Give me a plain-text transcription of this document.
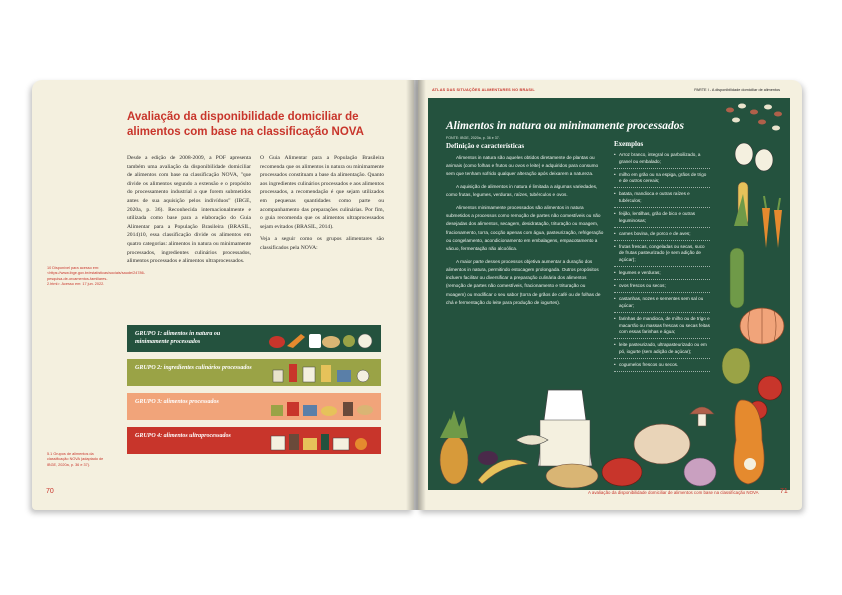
Avaliação da disponibilidade domiciliar de alimentos com base na classificação NOVA
10 Disponível para acesso em: <https://www.ibge.gov.br/estatisticas/sociais/saude/24786-pesquisa-de-orcamentos-familiares-2.html>. Acesso em: 17 jun. 2022.

Desde a edição de 2008-2009, a POF apresenta também uma avaliação da disponibilidade domiciliar de alimentos com base na classificação NOVA, "que divide os alimentos segundo a extensão e o propósito do processamento industrial a que forem submetidos antes de sua aquisição pelos indivíduos" (IBGE, 2020a, p. 36). Reconhecida internacionalmente e utilizada como base para a elaboração do Guia Alimentar para a População Brasileira (BRASIL, 2014)10, essa classificação divide os alimentos em quatro categorias: alimentos in natura ou minimamente processados, ingredientes culinários processados, alimentos processados e alimentos ultraprocessados.

O Guia Alimentar para a População Brasileira recomenda que os alimentos in natura ou minimamente processados constituam a base da alimentação. Quanto aos ingredientes culinários processados e aos alimentos processados, a recomendação é que sejam utilizados em pequenas quantidades como parte ou acompanhamento das preparações culinárias. Por fim, o guia recomenda que os alimentos ultraprocessados sejam evitados (BRASIL, 2014).

Veja a seguir como os grupos alimentares são classificados pela NOVA:

GRUPO 1: alimentos in natura ou minimamente processados
GRUPO 2: ingredientes culinários processados
GRUPO 3: alimentos processados
GRUPO 4: alimentos ultraprocessados
5.1 Grupos de alimentos da classificação NOVA (adaptado de IBGE, 2020a, p. 36 e 37).
70
ATLAS DAS SITUAÇÕES ALIMENTARES NO BRASIL	PARTE I - A disponibilidade domiciliar de alimentos
Alimentos in natura ou minimamente processados
FONTE: IBGE, 2020a, p. 36 e 37.
Definição e características

Alimentos in natura são aqueles obtidos diretamente de plantas ou animais (como folhas e frutos ou ovos e leite) e adquiridos para consumo sem que tenham sofrido qualquer alteração após deixarem a natureza.

A aquisição de alimentos in natura é limitada a algumas variedades, como frutas, legumes, verduras, raízes, tubérculos e ovos.

Alimentos minimamente processados são alimentos in natura submetidos a processos como remoção de partes não comestíveis ou não desejadas dos alimentos, secagem, desidratação, trituração ou moagem, fracionamento, torra, cocção apenas com água, pasteurização, refrigeração ou congelamento, acondicionamento em embalagens, empacotamento a vácuo, fermentação não alcoólica.

A maior parte desses processos objetiva aumentar a duração dos alimentos in natura, permitindo estocagem prolongada. Outros propósitos incluem facilitar ou diversificar a preparação culinária dos alimentos (remoção de partes não comestíveis, fracionamento e trituração ou moagem) ou modificar o seu sabor (torra de grãos de café ou de folhas de chá e fermentação do leite para produção de iogurtes).

Exemplos
• Arroz branco, integral ou parboilizado, a granel ou embalado;
• milho em grão ou na espiga, grãos de trigo e de outros cereais;
• batata, mandioca e outras raízes e tubérculos;
• feijão, lentilhas, grão de bico e outras leguminosas;
• carnes bovina, de porco e de aves;
• frutas frescas, congeladas ou secas, suco de frutas pasteurizado (e sem adição de açúcar);
• legumes e verduras;
• ovos frescos ou secos;
• castanhas, nozes e sementes sem sal ou açúcar;
• farinhas de mandioca, de milho ou de trigo e macarrão ou massas frescas ou secas feitas com essas farinhas e água;
• leite pasteurizado, ultrapasteurizado ou em pó, iogurte (sem adição de açúcar);
• cogumelos frescos ou secos.
A avaliação da disponibilidade domiciliar de alimentos com base na classificação NOVA	71
